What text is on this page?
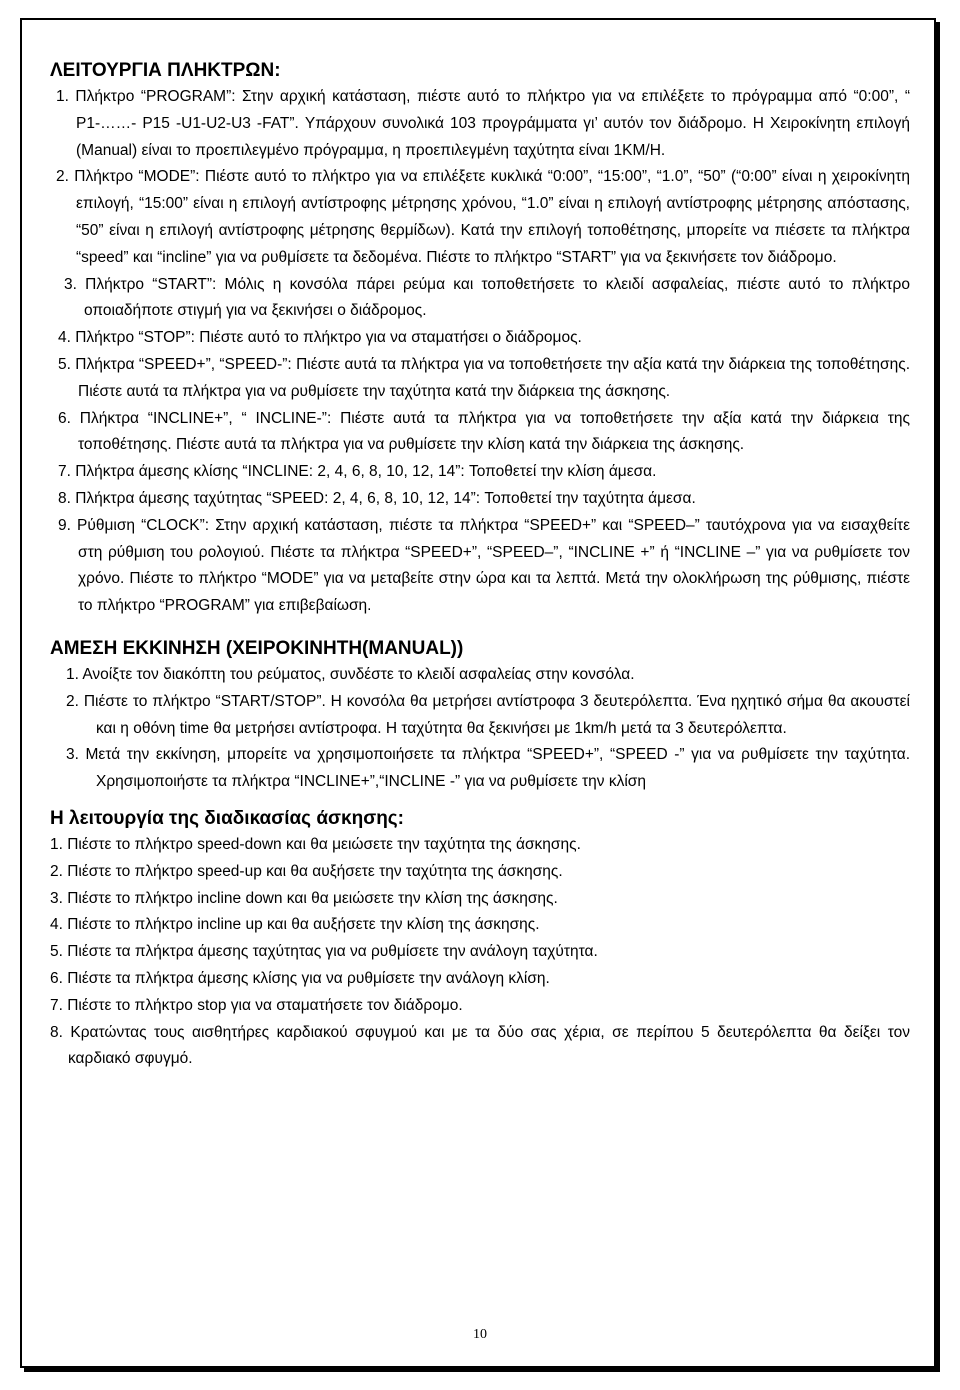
ΛΕΙΤΟΥΡΓΙΑ ΠΛΗΚΤΡΩΝ:

1. Πλήκτρο “PROGRAM”: Στην αρχική κατάσταση, πιέστε αυτό το πλήκτρο για να επιλέξετε το πρόγραμμα από “0:00”, “ P1-……- P15 -U1-U2-U3 -FAT”. Υπάρχουν συνολικά 103 προγράμματα γι’ αυτόν τον διάδρομο. Η Χειροκίνητη επιλογή (Manual) είναι το προεπιλεγμένο πρόγραμμα, η προεπιλεγμένη ταχύτητα είναι 1KM/H.

2. Πλήκτρο “MODE”: Πιέστε αυτό το πλήκτρο για να επιλέξετε κυκλικά “0:00”, “15:00”, “1.0”, “50” (“0:00” είναι η χειροκίνητη επιλογή, “15:00” είναι η επιλογή αντίστροφης μέτρησης χρόνου, “1.0” είναι η επιλογή αντίστροφης μέτρησης απόστασης, “50” είναι η επιλογή αντίστροφης μέτρησης θερμίδων). Κατά την επιλογή τοποθέτησης, μπορείτε να πιέσετε τα πλήκτρα “speed” και “incline” για να ρυθμίσετε τα δεδομένα. Πιέστε το πλήκτρο “START” για να ξεκινήσετε τον διάδρομο.

3. Πλήκτρο “START”: Μόλις η κονσόλα πάρει ρεύμα και τοποθετήσετε το κλειδί ασφαλείας, πιέστε αυτό το πλήκτρο οποιαδήποτε στιγμή για να ξεκινήσει ο διάδρομος.

4. Πλήκτρο “STOP”: Πιέστε αυτό το πλήκτρο για να σταματήσει ο διάδρομος.

5. Πλήκτρα “SPEED+”, “SPEED-”: Πιέστε αυτά τα πλήκτρα για να τοποθετήσετε την αξία κατά την διάρκεια της τοποθέτησης. Πιέστε αυτά τα πλήκτρα για να ρυθμίσετε την ταχύτητα κατά την διάρκεια της άσκησης.

6. Πλήκτρα “INCLINE+”, “ INCLINE-”: Πιέστε αυτά τα πλήκτρα για να τοποθετήσετε την αξία κατά την διάρκεια της τοποθέτησης. Πιέστε αυτά τα πλήκτρα για να ρυθμίσετε την κλίση κατά την διάρκεια της άσκησης.

7. Πλήκτρα άμεσης κλίσης “INCLINE: 2, 4, 6, 8, 10, 12, 14”: Τοποθετεί την κλίση άμεσα.

8. Πλήκτρα άμεσης ταχύτητας “SPEED: 2, 4, 6, 8, 10, 12, 14”: Τοποθετεί την ταχύτητα άμεσα.

9. Ρύθμιση “CLOCK”: Στην αρχική κατάσταση, πιέστε τα πλήκτρα “SPEED+” και “SPEED–” ταυτόχρονα για να εισαχθείτε στη ρύθμιση του ρολογιού. Πιέστε τα πλήκτρα “SPEED+”, “SPEED–”, “INCLINE +” ή “INCLINE –” για να ρυθμίσετε τον χρόνο. Πιέστε το πλήκτρο “MODE” για να μεταβείτε στην ώρα και τα λεπτά. Μετά την ολοκλήρωση της ρύθμισης, πιέστε το πλήκτρο “PROGRAM” για επιβεβαίωση.

ΑΜΕΣΗ ΕΚΚΙΝΗΣΗ (ΧΕΙΡΟΚΙΝΗΤΗ(MANUAL))

1. Ανοίξτε τον διακόπτη του ρεύματος, συνδέστε το κλειδί ασφαλείας στην κονσόλα.

2. Πιέστε το πλήκτρο “START/STOP”. Η κονσόλα θα μετρήσει αντίστροφα 3 δευτερόλεπτα. Ένα ηχητικό σήμα θα ακουστεί και η οθόνη time θα μετρήσει αντίστροφα. Η ταχύτητα θα ξεκινήσει με 1km/h μετά τα 3 δευτερόλεπτα.

3. Μετά την εκκίνηση, μπορείτε να χρησιμοποιήσετε τα πλήκτρα “SPEED+”, “SPEED -” για να ρυθμίσετε την ταχύτητα. Χρησιμοποιήστε τα πλήκτρα “INCLINE+”,“INCLINE -” για να ρυθμίσετε την κλίση

Η λειτουργία της διαδικασίας άσκησης:

1. Πιέστε το πλήκτρο speed-down και θα μειώσετε την ταχύτητα της άσκησης.

2. Πιέστε το πλήκτρο speed-up και θα αυξήσετε την ταχύτητα της άσκησης.

3. Πιέστε το πλήκτρο incline down και θα μειώσετε την κλίση της άσκησης.

4. Πιέστε το πλήκτρο incline up και θα αυξήσετε την κλίση της άσκησης.

5. Πιέστε τα πλήκτρα άμεσης ταχύτητας για να ρυθμίσετε την ανάλογη ταχύτητα.

6. Πιέστε τα πλήκτρα άμεσης κλίσης για να ρυθμίσετε την ανάλογη κλίση.

7. Πιέστε το πλήκτρο stop για να σταματήσετε τον διάδρομο.

8. Κρατώντας τους αισθητήρες καρδιακού σφυγμού και με τα δύο σας χέρια, σε περίπου 5 δευτερόλεπτα θα δείξει τον καρδιακό σφυγμό.

10
